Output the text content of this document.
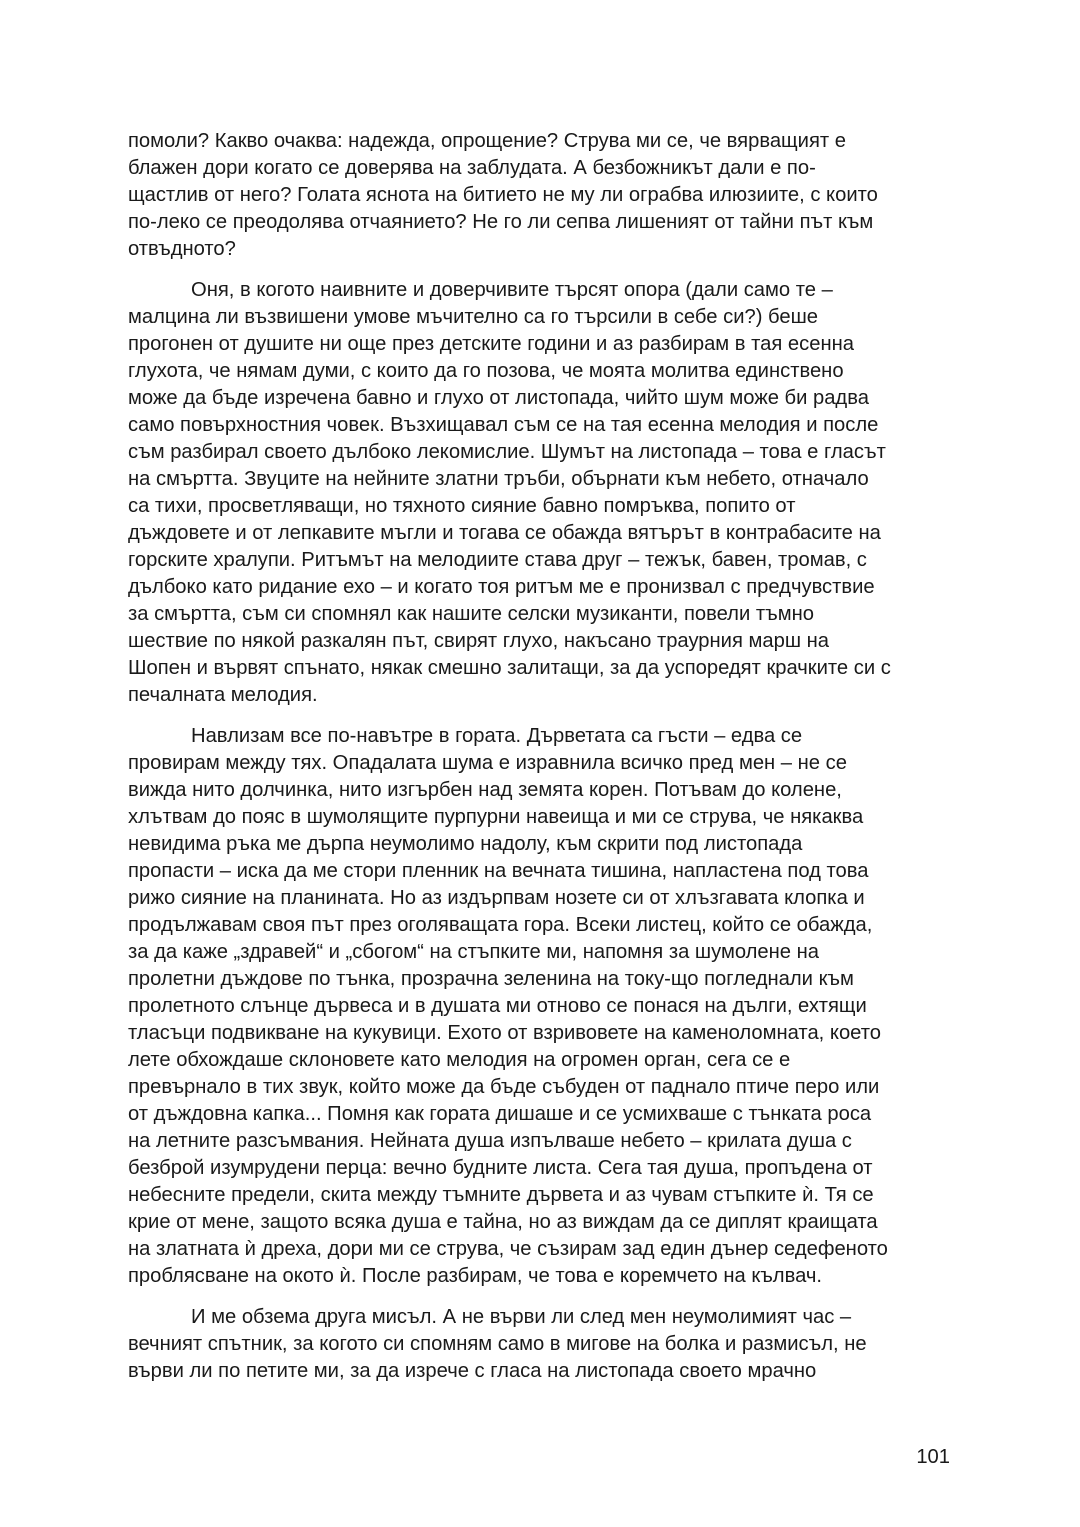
помоли? Какво очаква: надежда, опрощение? Струва ми се, че вярващият е
блажен дори когато се доверява на заблудата. А безбожникът дали е по-
щастлив от него? Голата яснота на битието не му ли ограбва илюзиите, с които
по-леко се преодолява отчаянието? Не го ли сепва лишеният от тайни път към
отвъдното?
Оня, в когото наивните и доверчивите търсят опора (дали само те –
малцина ли възвишени умове мъчително са го търсили в себе си?) беше
прогонен от душите ни още през детските години и аз разбирам в тая есенна
глухота, че нямам думи, с които да го позова, че моята молитва единствено
може да бъде изречена бавно и глухо от листопада, чийто шум може би радва
само повърхностния човек. Възхищавал съм се на тая есенна мелодия и после
съм разбирал своето дълбоко лекомислие. Шумът на листопада – това е гласът
на смъртта. Звуците на нейните златни тръби, обърнати към небето, отначало
са тихи, просветляващи, но тяхното сияние бавно помръква, попито от
дъждовете и от лепкавите мъгли и тогава се обажда вятърът в контрабасите на
горските хралупи. Ритъмът на мелодиите става друг – тежък, бавен, тромав, с
дълбоко като ридание ехо – и когато тоя ритъм ме е пронизвал с предчувствие
за смъртта, съм си спомнял как нашите селски музиканти, повели тъмно
шествие по някой разкалян път, свирят глухо, накъсано траурния марш на
Шопен и вървят спънато, някак смешно залитащи, за да успоредят крачките си с
печалната мелодия.
Навлизам все по-навътре в гората. Дърветата са гъсти – едва се
провирам между тях. Опадалата шума е изравнила всичко пред мен – не се
вижда нито долчинка, нито изгърбен над земята корен. Потъвам до колене,
хлътвам до пояс в шумолящите пурпурни навеища и ми се струва, че някаква
невидима ръка ме дърпа неумолимо надолу, към скрити под листопада
пропасти – иска да ме стори пленник на вечната тишина, напластена под това
рижо сияние на планината. Но аз издърпвам нозете си от хлъзгавата клопка и
продължавам своя път през оголяващата гора. Всеки листец, който се обажда,
за да каже „здравей“ и „сбогом“ на стъпките ми, напомня за шумолене на
пролетни дъждове по тънка, прозрачна зеленина на току-що погледнали към
пролетното слънце дървеса и в душата ми отново се понася на дълги, ехтящи
тласъци подвикване на кукувици. Ехото от взривовете на каменоломната, което
лете обхождаше склоновете като мелодия на огромен орган, сега се е
превърнало в тих звук, който може да бъде събуден от паднало птиче перо или
от дъждовна капка... Помня как гората дишаше и се усмихваше с тънката роса
на летните разсъмвания. Нейната душа изпълваше небето – крилата душа с
безброй изумрудени перца: вечно будните листа. Сега тая душа, пропъдена от
небесните предели, скита между тъмните дървета и аз чувам стъпките ѝ. Тя се
крие от мене, защото всяка душа е тайна, но аз виждам да се диплят краищата
на златната ѝ дреха, дори ми се струва, че съзирам зад един дънер седефеното
проблясване на окото ѝ. После разбирам, че това е коремчето на кълвач.
И ме обзема друга мисъл. А не върви ли след мен неумолимият час –
вечният спътник, за когото си спомням само в мигове на болка и размисъл, не
върви ли по петите ми, за да изрече с гласа на листопада своето мрачно
101
